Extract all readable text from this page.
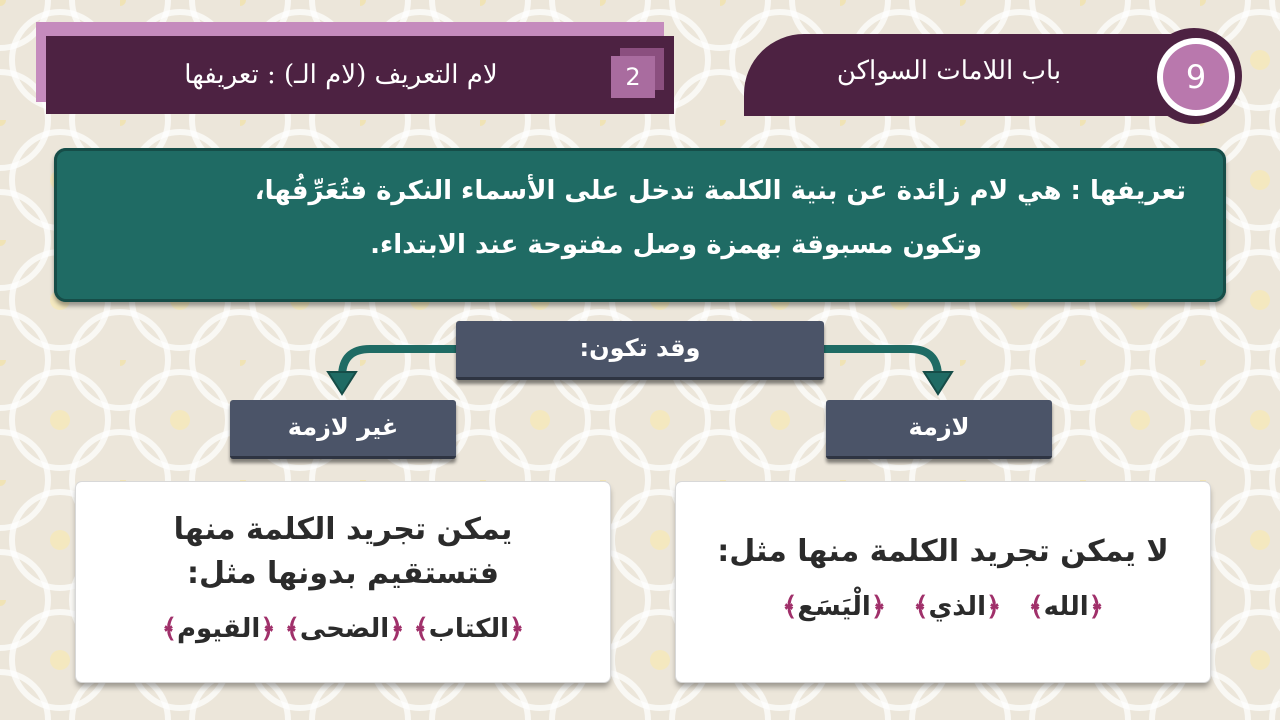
لام التعريف (لام الـ) : تعريفها	2	باب اللامات السواكن	9
تعريفها : هي لام زائدة عن بنية الكلمة تدخل على الأسماء النكرة فتُعَرِّفُها،
وتكون مسبوقة بهمزة وصل مفتوحة عند الابتداء.
وقد تكون:
غير لازمة	لازمة
يمكن تجريد الكلمة منها
فتستقيم بدونها مثل:
﴿الكتاب﴾ ﴿الضحى﴾ ﴿القيوم﴾
لا يمكن تجريد الكلمة منها مثل:
﴿الله﴾   ﴿الذي﴾   ﴿الْيَسَع﴾
